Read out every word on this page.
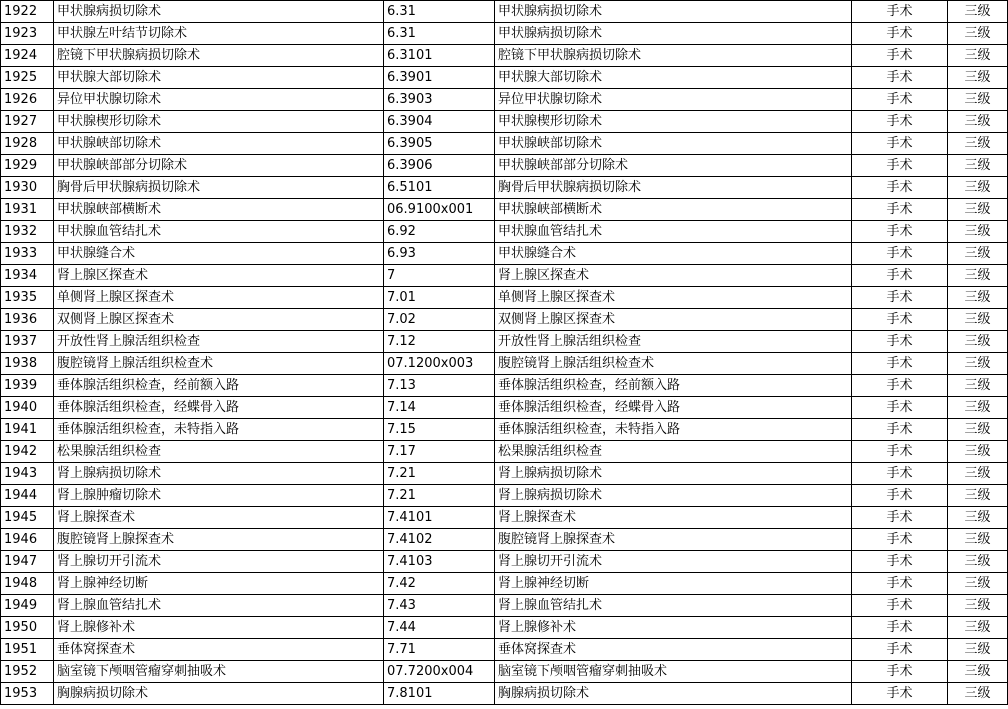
1922	甲状腺病损切除术	6.31	甲状腺病损切除术	手术	三级
1923	甲状腺左叶结节切除术	6.31	甲状腺病损切除术	手术	三级
1924	腔镜下甲状腺病损切除术	6.3101	腔镜下甲状腺病损切除术	手术	三级
1925	甲状腺大部切除术	6.3901	甲状腺大部切除术	手术	三级
1926	异位甲状腺切除术	6.3903	异位甲状腺切除术	手术	三级
1927	甲状腺楔形切除术	6.3904	甲状腺楔形切除术	手术	三级
1928	甲状腺峡部切除术	6.3905	甲状腺峡部切除术	手术	三级
1929	甲状腺峡部部分切除术	6.3906	甲状腺峡部部分切除术	手术	三级
1930	胸骨后甲状腺病损切除术	6.5101	胸骨后甲状腺病损切除术	手术	三级
1931	甲状腺峡部横断术	06.9100x001	甲状腺峡部横断术	手术	三级
1932	甲状腺血管结扎术	6.92	甲状腺血管结扎术	手术	三级
1933	甲状腺缝合术	6.93	甲状腺缝合术	手术	三级
1934	肾上腺区探查术	7	肾上腺区探查术	手术	三级
1935	单侧肾上腺区探查术	7.01	单侧肾上腺区探查术	手术	三级
1936	双侧肾上腺区探查术	7.02	双侧肾上腺区探查术	手术	三级
1937	开放性肾上腺活组织检查	7.12	开放性肾上腺活组织检查	手术	三级
1938	腹腔镜肾上腺活组织检查术	07.1200x003	腹腔镜肾上腺活组织检查术	手术	三级
1939	垂体腺活组织检查，经前额入路	7.13	垂体腺活组织检查，经前额入路	手术	三级
1940	垂体腺活组织检查，经蝶骨入路	7.14	垂体腺活组织检查，经蝶骨入路	手术	三级
1941	垂体腺活组织检查，未特指入路	7.15	垂体腺活组织检查，未特指入路	手术	三级
1942	松果腺活组织检查	7.17	松果腺活组织检查	手术	三级
1943	肾上腺病损切除术	7.21	肾上腺病损切除术	手术	三级
1944	肾上腺肿瘤切除术	7.21	肾上腺病损切除术	手术	三级
1945	肾上腺探查术	7.4101	肾上腺探查术	手术	三级
1946	腹腔镜肾上腺探查术	7.4102	腹腔镜肾上腺探查术	手术	三级
1947	肾上腺切开引流术	7.4103	肾上腺切开引流术	手术	三级
1948	肾上腺神经切断	7.42	肾上腺神经切断	手术	三级
1949	肾上腺血管结扎术	7.43	肾上腺血管结扎术	手术	三级
1950	肾上腺修补术	7.44	肾上腺修补术	手术	三级
1951	垂体窝探查术	7.71	垂体窝探查术	手术	三级
1952	脑室镜下颅咽管瘤穿刺抽吸术	07.7200x004	脑室镜下颅咽管瘤穿刺抽吸术	手术	三级
1953	胸腺病损切除术	7.8101	胸腺病损切除术	手术	三级
